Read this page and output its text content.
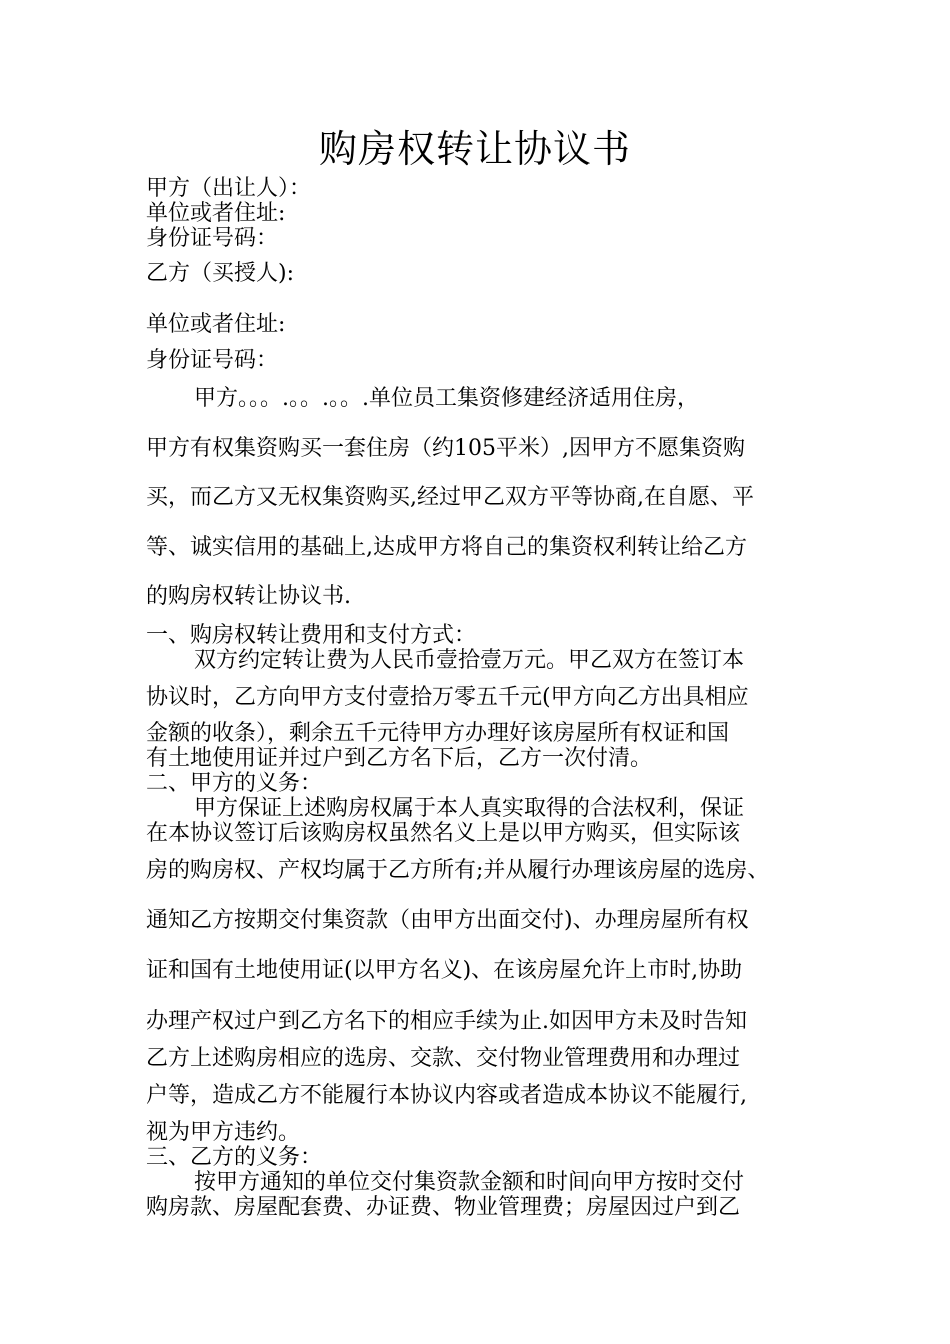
购房权转让协议书
甲方（出让人）：
单位或者住址:
身份证号码：
乙方（买授人):
单位或者住址:
身份证号码：
甲方。。。.。。.。。.单位员工集资修建经济适用住房，
甲方有权集资购买一套住房（约105平米）,因甲方不愿集资购
买，而乙方又无权集资购买,经过甲乙双方平等协商,在自愿、平
等、诚实信用的基础上,达成甲方将自己的集资权利转让给乙方
的购房权转让协议书.
一、购房权转让费用和支付方式：
双方约定转让费为人民币壹拾壹万元。甲乙双方在签订本
协议时，乙方向甲方支付壹拾万零五千元(甲方向乙方出具相应
金额的收条），剩余五千元待甲方办理好该房屋所有权证和国
有土地使用证并过户到乙方名下后，乙方一次付清。
二、甲方的义务：
甲方保证上述购房权属于本人真实取得的合法权利，保证
在本协议签订后该购房权虽然名义上是以甲方购买，但实际该
房的购房权、产权均属于乙方所有;并从履行办理该房屋的选房、
通知乙方按期交付集资款（由甲方出面交付)、办理房屋所有权
证和国有土地使用证(以甲方名义)、在该房屋允许上市时,协助
办理产权过户到乙方名下的相应手续为止.如因甲方未及时告知
乙方上述购房相应的选房、交款、交付物业管理费用和办理过
户等，造成乙方不能履行本协议内容或者造成本协议不能履行,
视为甲方违约。
三、乙方的义务：
按甲方通知的单位交付集资款金额和时间向甲方按时交付
购房款、房屋配套费、办证费、物业管理费；房屋因过户到乙
